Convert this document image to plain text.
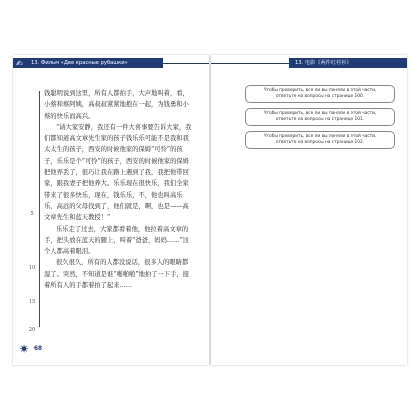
✍	13. Фильм «Две красные рубашки»
5
10
15
20

钱聪明说到这里，所有人都拍手，大声地叫着，看，小蔡和蔡阿姨，高叔叔紧紧地抱在一起，为钱勇和小蔡的快乐而高兴。

“请大家安静，我还有一件大喜事要告诉大家，我们都知道高文章先生家的孩子钱乐乐可能不是我和我太太生的孩子，西安的时候他家的保姆“可怜”的孩子，乐乐是个“可怜”的孩子，西安的时候他家的保姆把他弄丢了，很巧让我在路上遇到了我，我把他带回家，跟我妻子把他养大。乐乐现在很快乐，我们全家带来了很多快乐，现在，钱乐乐，不，他也叫高乐乐，高远的父母找到了，他们就是，啊，也是——高文章先生和蓝天教授！”

乐乐走了过去，大家都看着他，他拉着高文章的手，把头放在蓝天的腿上，叫着“爸爸，妈妈……”这个人都高着眼泪。

很久很久，所有的人都没说话，很多人的眼睛都湿了。突然，不知道是谁“啪啪啪”地拍了一下手，接着所有人的手都着拍了起来……

✷ 68
13. 电影《两件红衬衫》
Чтобы проверить, все ли вы поняли в этой части,
ответьте на вопросы на странице 100.
Чтобы проверить, все ли вы поняли в этой части,
ответьте на вопросы на странице 101.
Чтобы проверить, все ли вы поняли в этой части,
ответьте на вопросы на странице 102.
